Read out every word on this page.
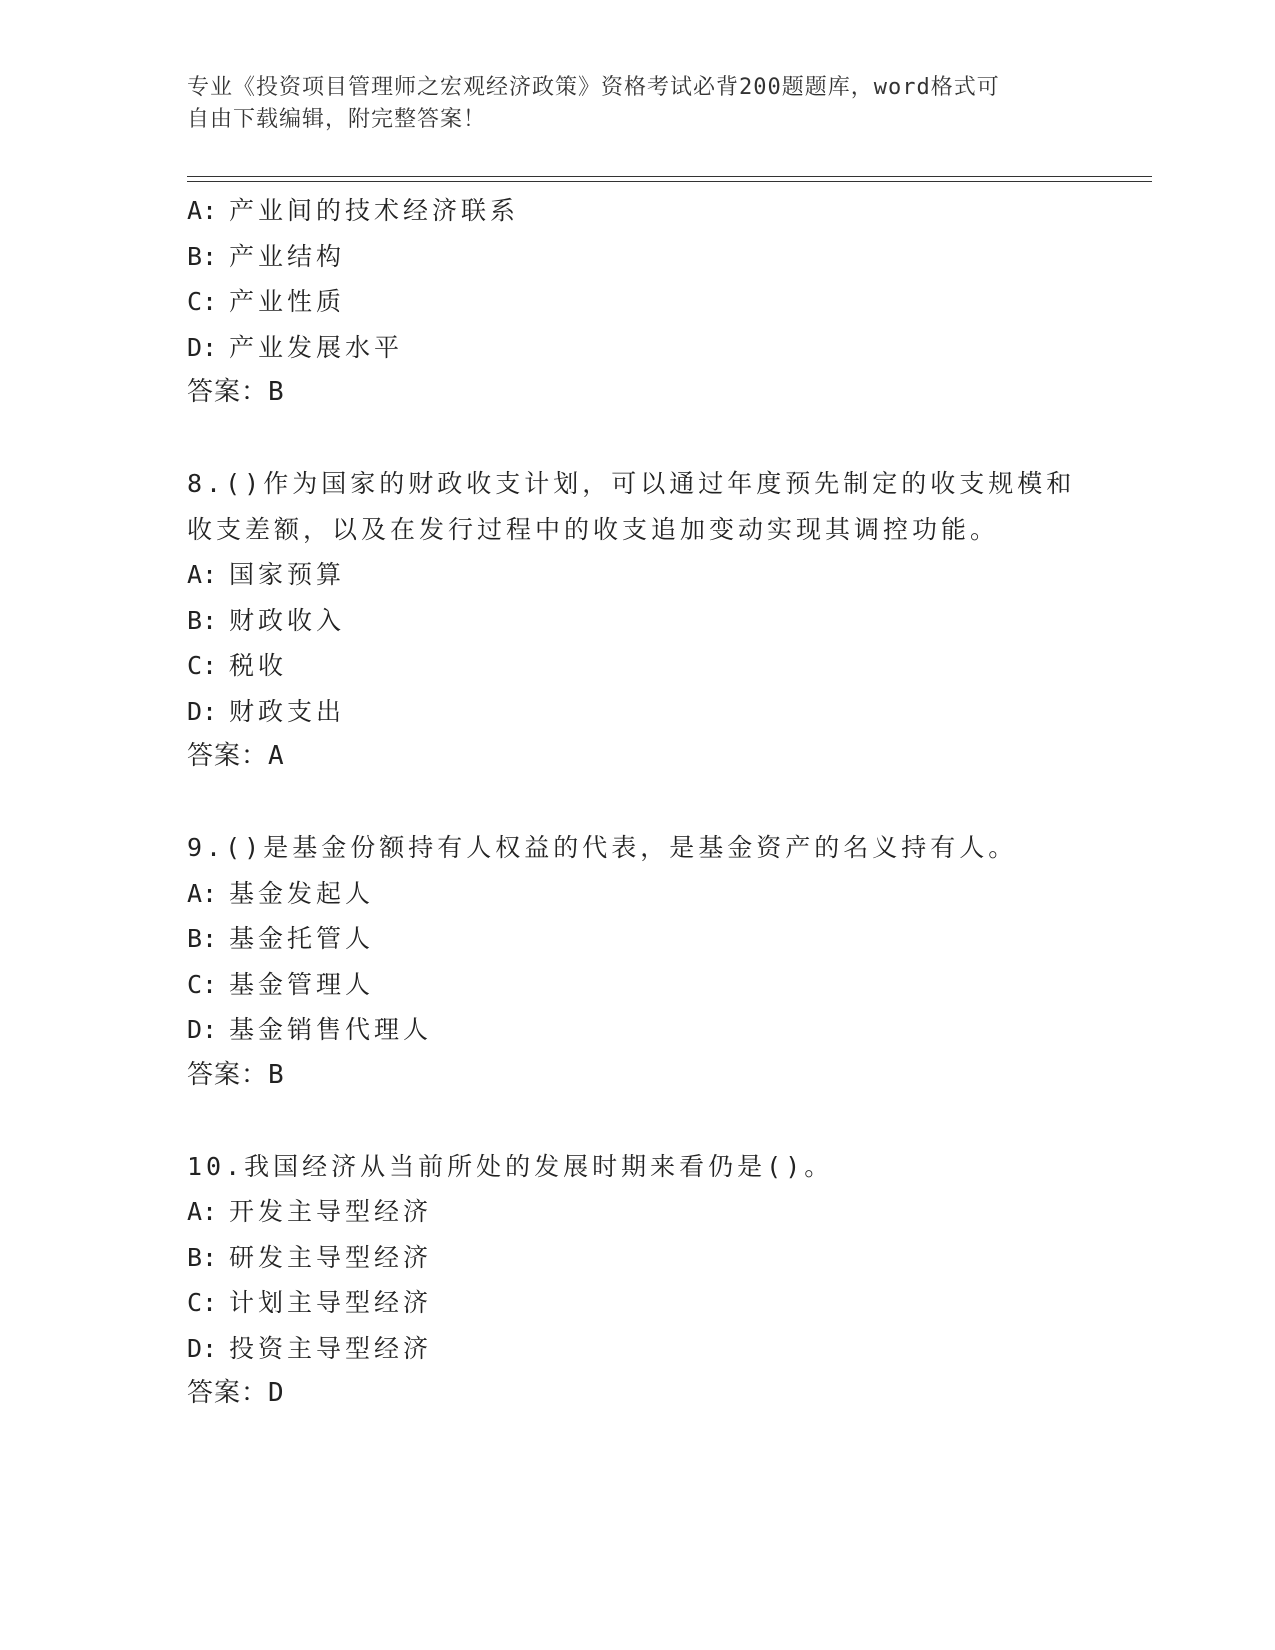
专业《投资项目管理师之宏观经济政策》资格考试必背200题题库，word格式可
自由下载编辑，附完整答案！
A: 产业间的技术经济联系
B: 产业结构
C: 产业性质
D: 产业发展水平
答案：B
8.()作为国家的财政收支计划，可以通过年度预先制定的收支规模和
收支差额，以及在发行过程中的收支追加变动实现其调控功能。
A: 国家预算
B: 财政收入
C: 税收
D: 财政支出
答案：A
9.()是基金份额持有人权益的代表，是基金资产的名义持有人。
A: 基金发起人
B: 基金托管人
C: 基金管理人
D: 基金销售代理人
答案：B
10.我国经济从当前所处的发展时期来看仍是()。
A: 开发主导型经济
B: 研发主导型经济
C: 计划主导型经济
D: 投资主导型经济
答案：D
